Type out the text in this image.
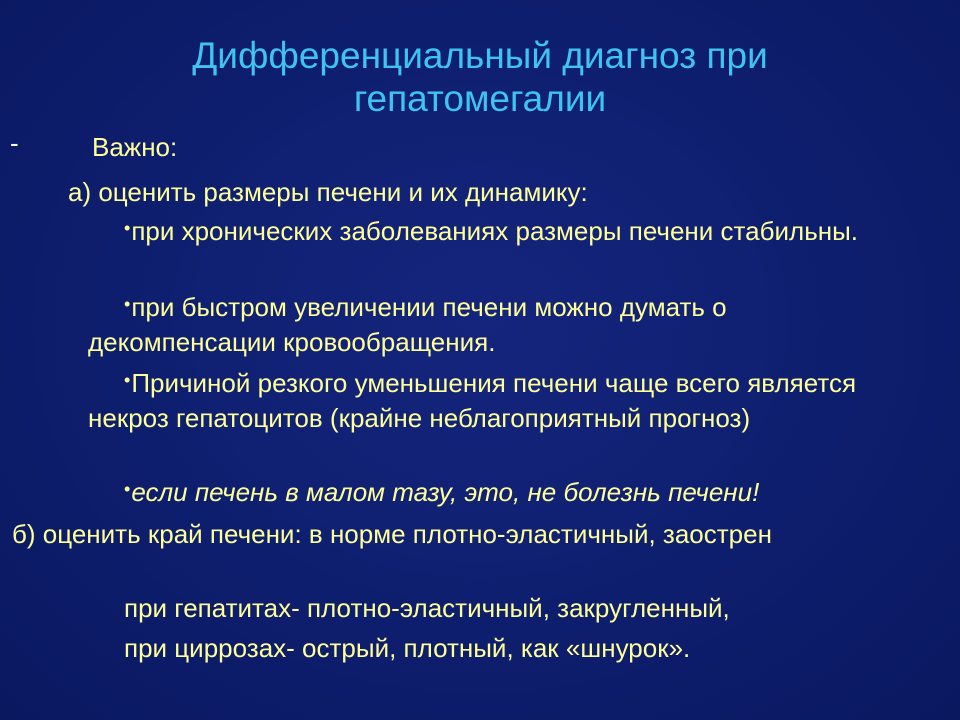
Дифференциальный диагноз при гепатомегалии
-	Важно:

а) оценить размеры печени и их динамику:

•при хронических заболеваниях размеры печени стабильны.

•при быстром увеличении печени можно думать о декомпенсации кровообращения.

•Причиной резкого уменьшения печени чаще всего является некроз гепатоцитов (крайне неблагоприятный прогноз)

•если печень в малом тазу, это, не болезнь печени!

б) оценить край печени: в норме плотно-эластичный, заострен

при гепатитах- плотно-эластичный, закругленный,

при циррозах- острый, плотный, как «шнурок».
